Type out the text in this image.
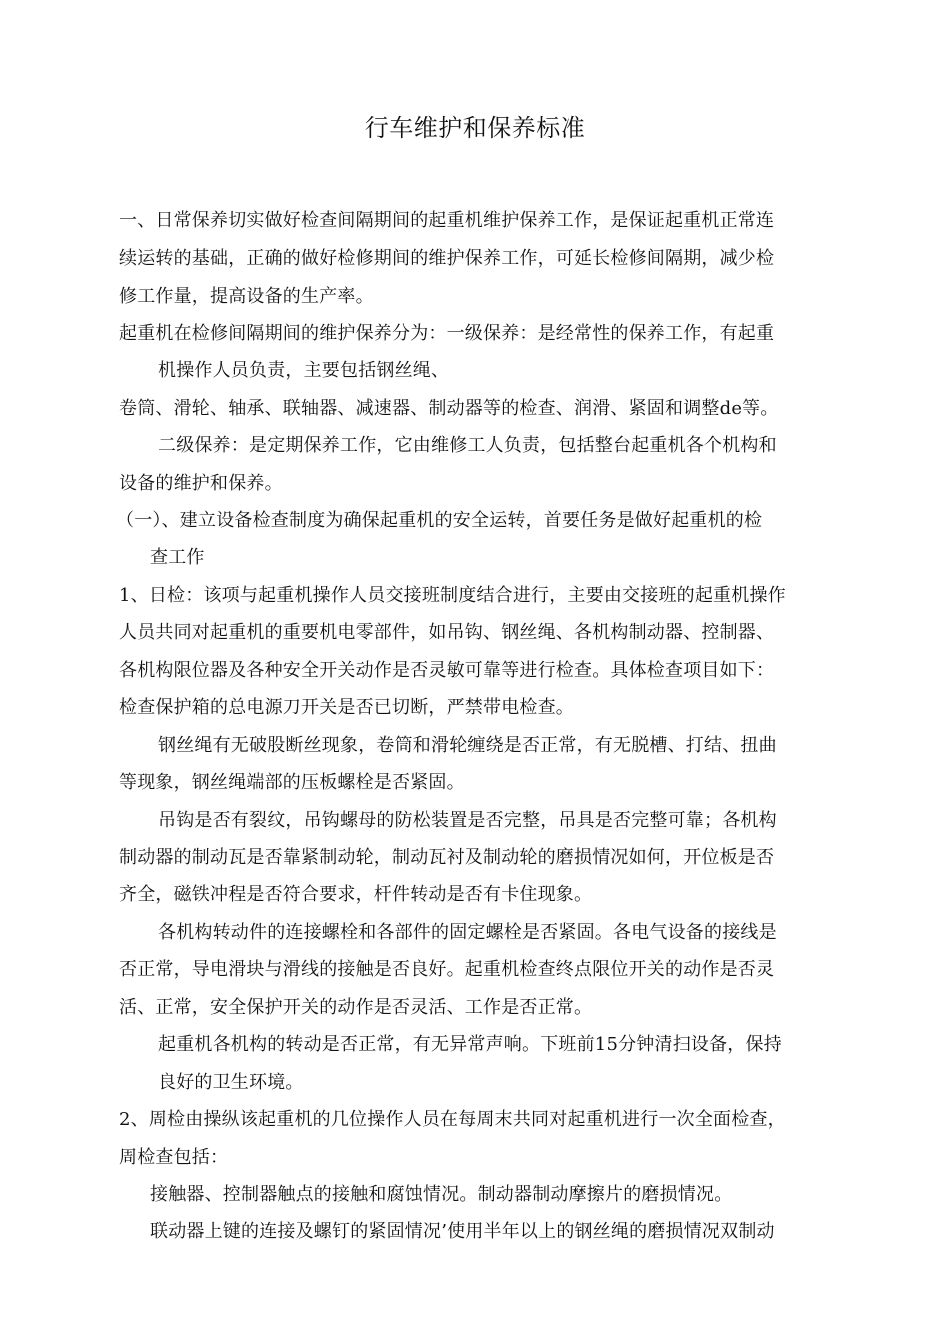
行车维护和保养标准
一、日常保养切实做好检查间隔期间的起重机维护保养工作，是保证起重机正常连
续运转的基础，正确的做好检修期间的维护保养工作，可延长检修间隔期，减少检
修工作量，提高设备的生产率。
起重机在检修间隔期间的维护保养分为：一级保养：是经常性的保养工作，有起重
机操作人员负责，主要包括钢丝绳、
卷筒、滑轮、轴承、联轴器、减速器、制动器等的检查、润滑、紧固和调整de等。
二级保养：是定期保养工作，它由维修工人负责，包括整台起重机各个机构和
设备的维护和保养。
（一）、建立设备检查制度为确保起重机的安全运转，首要任务是做好起重机的检
查工作
1、日检：该项与起重机操作人员交接班制度结合进行，主要由交接班的起重机操作
人员共同对起重机的重要机电零部件，如吊钩、钢丝绳、各机构制动器、控制器、
各机构限位器及各种安全开关动作是否灵敏可靠等进行检查。具体检查项目如下：
检查保护箱的总电源刀开关是否已切断，严禁带电检查。
钢丝绳有无破股断丝现象，卷筒和滑轮缠绕是否正常，有无脱槽、打结、扭曲
等现象，钢丝绳端部的压板螺栓是否紧固。
吊钩是否有裂纹，吊钩螺母的防松装置是否完整，吊具是否完整可靠；各机构
制动器的制动瓦是否靠紧制动轮，制动瓦衬及制动轮的磨损情况如何，开位板是否
齐全，磁铁冲程是否符合要求，杆件转动是否有卡住现象。
各机构转动件的连接螺栓和各部件的固定螺栓是否紧固。各电气设备的接线是
否正常，导电滑块与滑线的接触是否良好。起重机检查终点限位开关的动作是否灵
活、正常，安全保护开关的动作是否灵活、工作是否正常。
起重机各机构的转动是否正常，有无异常声响。下班前15分钟清扫设备，保持
良好的卫生环境。
2、周检由操纵该起重机的几位操作人员在每周末共同对起重机进行一次全面检查，
周检查包括：
接触器、控制器触点的接触和腐蚀情况。制动器制动摩擦片的磨损情况。
联动器上键的连接及螺钉的紧固情况’使用半年以上的钢丝绳的磨损情况双制动
